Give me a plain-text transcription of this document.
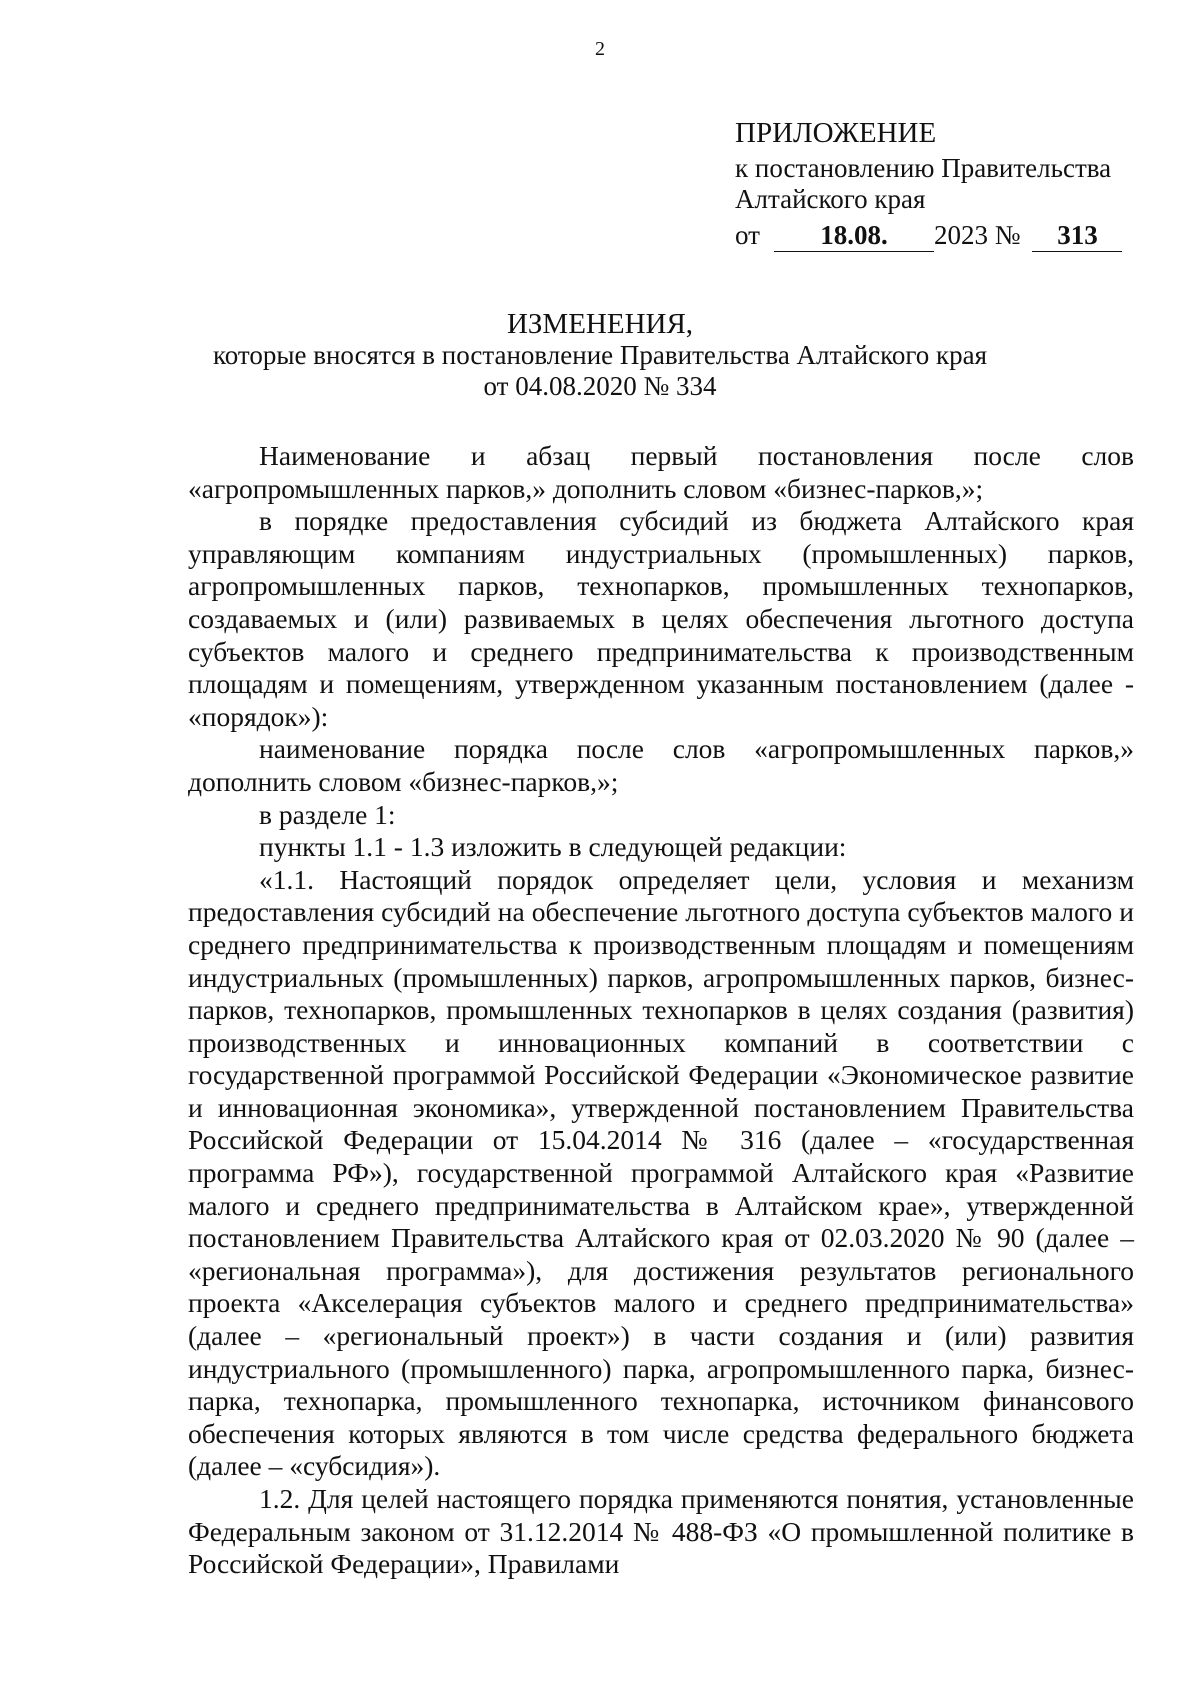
2
ПРИЛОЖЕНИЕ
к постановлению Правительства
Алтайского края
от 18.08. 2023 № 313
ИЗМЕНЕНИЯ,
которые вносятся в постановление Правительства Алтайского края
от 04.08.2020 № 334

Наименование и абзац первый постановления после слов «агропромышленных парков,» дополнить словом «бизнес-парков,»;

в порядке предоставления субсидий из бюджета Алтайского края управляющим компаниям индустриальных (промышленных) парков, агропромышленных парков, технопарков, промышленных технопарков, создаваемых и (или) развиваемых в целях обеспечения льготного доступа субъектов малого и среднего предпринимательства к производственным площадям и помещениям, утвержденном указанным постановлением (далее - «порядок»):

наименование порядка после слов «агропромышленных парков,» дополнить словом «бизнес-парков,»;

в разделе 1:

пункты 1.1 - 1.3 изложить в следующей редакции:

«1.1. Настоящий порядок определяет цели, условия и механизм предоставления субсидий на обеспечение льготного доступа субъектов малого и среднего предпринимательства к производственным площадям и помещениям индустриальных (промышленных) парков, агропромышленных парков, бизнес-парков, технопарков, промышленных технопарков в целях создания (развития) производственных и инновационных компаний в соответствии с государственной программой Российской Федерации «Экономическое развитие и инновационная экономика», утвержденной постановлением Правительства Российской Федерации от 15.04.2014 № 316 (далее – «государственная программа РФ»), государственной программой Алтайского края «Развитие малого и среднего предпринимательства в Алтайском крае», утвержденной постановлением Правительства Алтайского края от 02.03.2020 № 90 (далее – «региональная программа»), для достижения результатов регионального проекта «Акселерация субъектов малого и среднего предпринимательства» (далее – «региональный проект») в части создания и (или) развития индустриального (промышленного) парка, агропромышленного парка, бизнес-парка, технопарка, промышленного технопарка, источником финансового обеспечения которых являются в том числе средства федерального бюджета (далее – «субсидия»).

1.2. Для целей настоящего порядка применяются понятия, установленные Федеральным законом от 31.12.2014 № 488-ФЗ «О промышленной политике в Российской Федерации», Правилами
